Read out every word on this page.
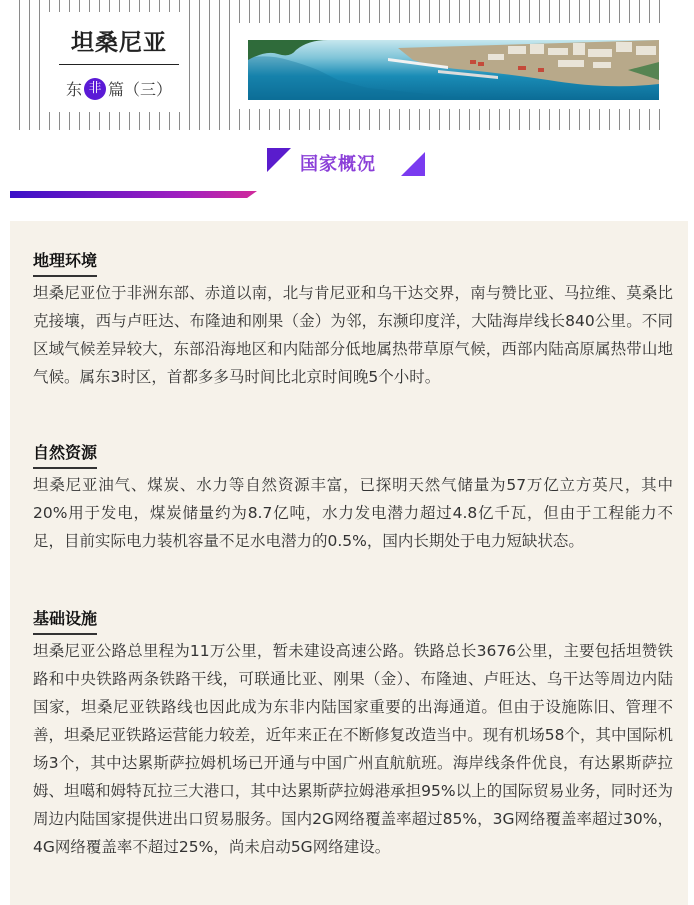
坦桑尼亚
东 非 篇（三）
国家概况
地理环境
坦桑尼亚位于非洲东部、赤道以南，北与肯尼亚和乌干达交界，南与赞比亚、马拉维、莫桑比克接壤，西与卢旺达、布隆迪和刚果（金）为邻，东濒印度洋，大陆海岸线长840公里。不同区域气候差异较大，东部沿海地区和内陆部分低地属热带草原气候，西部内陆高原属热带山地气候。属东3时区，首都多多马时间比北京时间晚5个小时。
自然资源
坦桑尼亚油气、煤炭、水力等自然资源丰富，已探明天然气储量为57万亿立方英尺，其中20%用于发电，煤炭储量约为8.7亿吨，水力发电潜力超过4.8亿千瓦，但由于工程能力不足，目前实际电力装机容量不足水电潜力的0.5%，国内长期处于电力短缺状态。
基础设施
坦桑尼亚公路总里程为11万公里，暂未建设高速公路。铁路总长3676公里，主要包括坦赞铁路和中央铁路两条铁路干线，可联通比亚、刚果（金）、布隆迪、卢旺达、乌干达等周边内陆国家，坦桑尼亚铁路线也因此成为东非内陆国家重要的出海通道。但由于设施陈旧、管理不善，坦桑尼亚铁路运营能力较差，近年来正在不断修复改造当中。现有机场58个，其中国际机场3个，其中达累斯萨拉姆机场已开通与中国广州直航航班。海岸线条件优良，有达累斯萨拉姆、坦噶和姆特瓦拉三大港口，其中达累斯萨拉姆港承担95%以上的国际贸易业务，同时还为周边内陆国家提供进出口贸易服务。国内2G网络覆盖率超过85%，3G网络覆盖率超过30%，4G网络覆盖率不超过25%，尚未启动5G网络建设。
